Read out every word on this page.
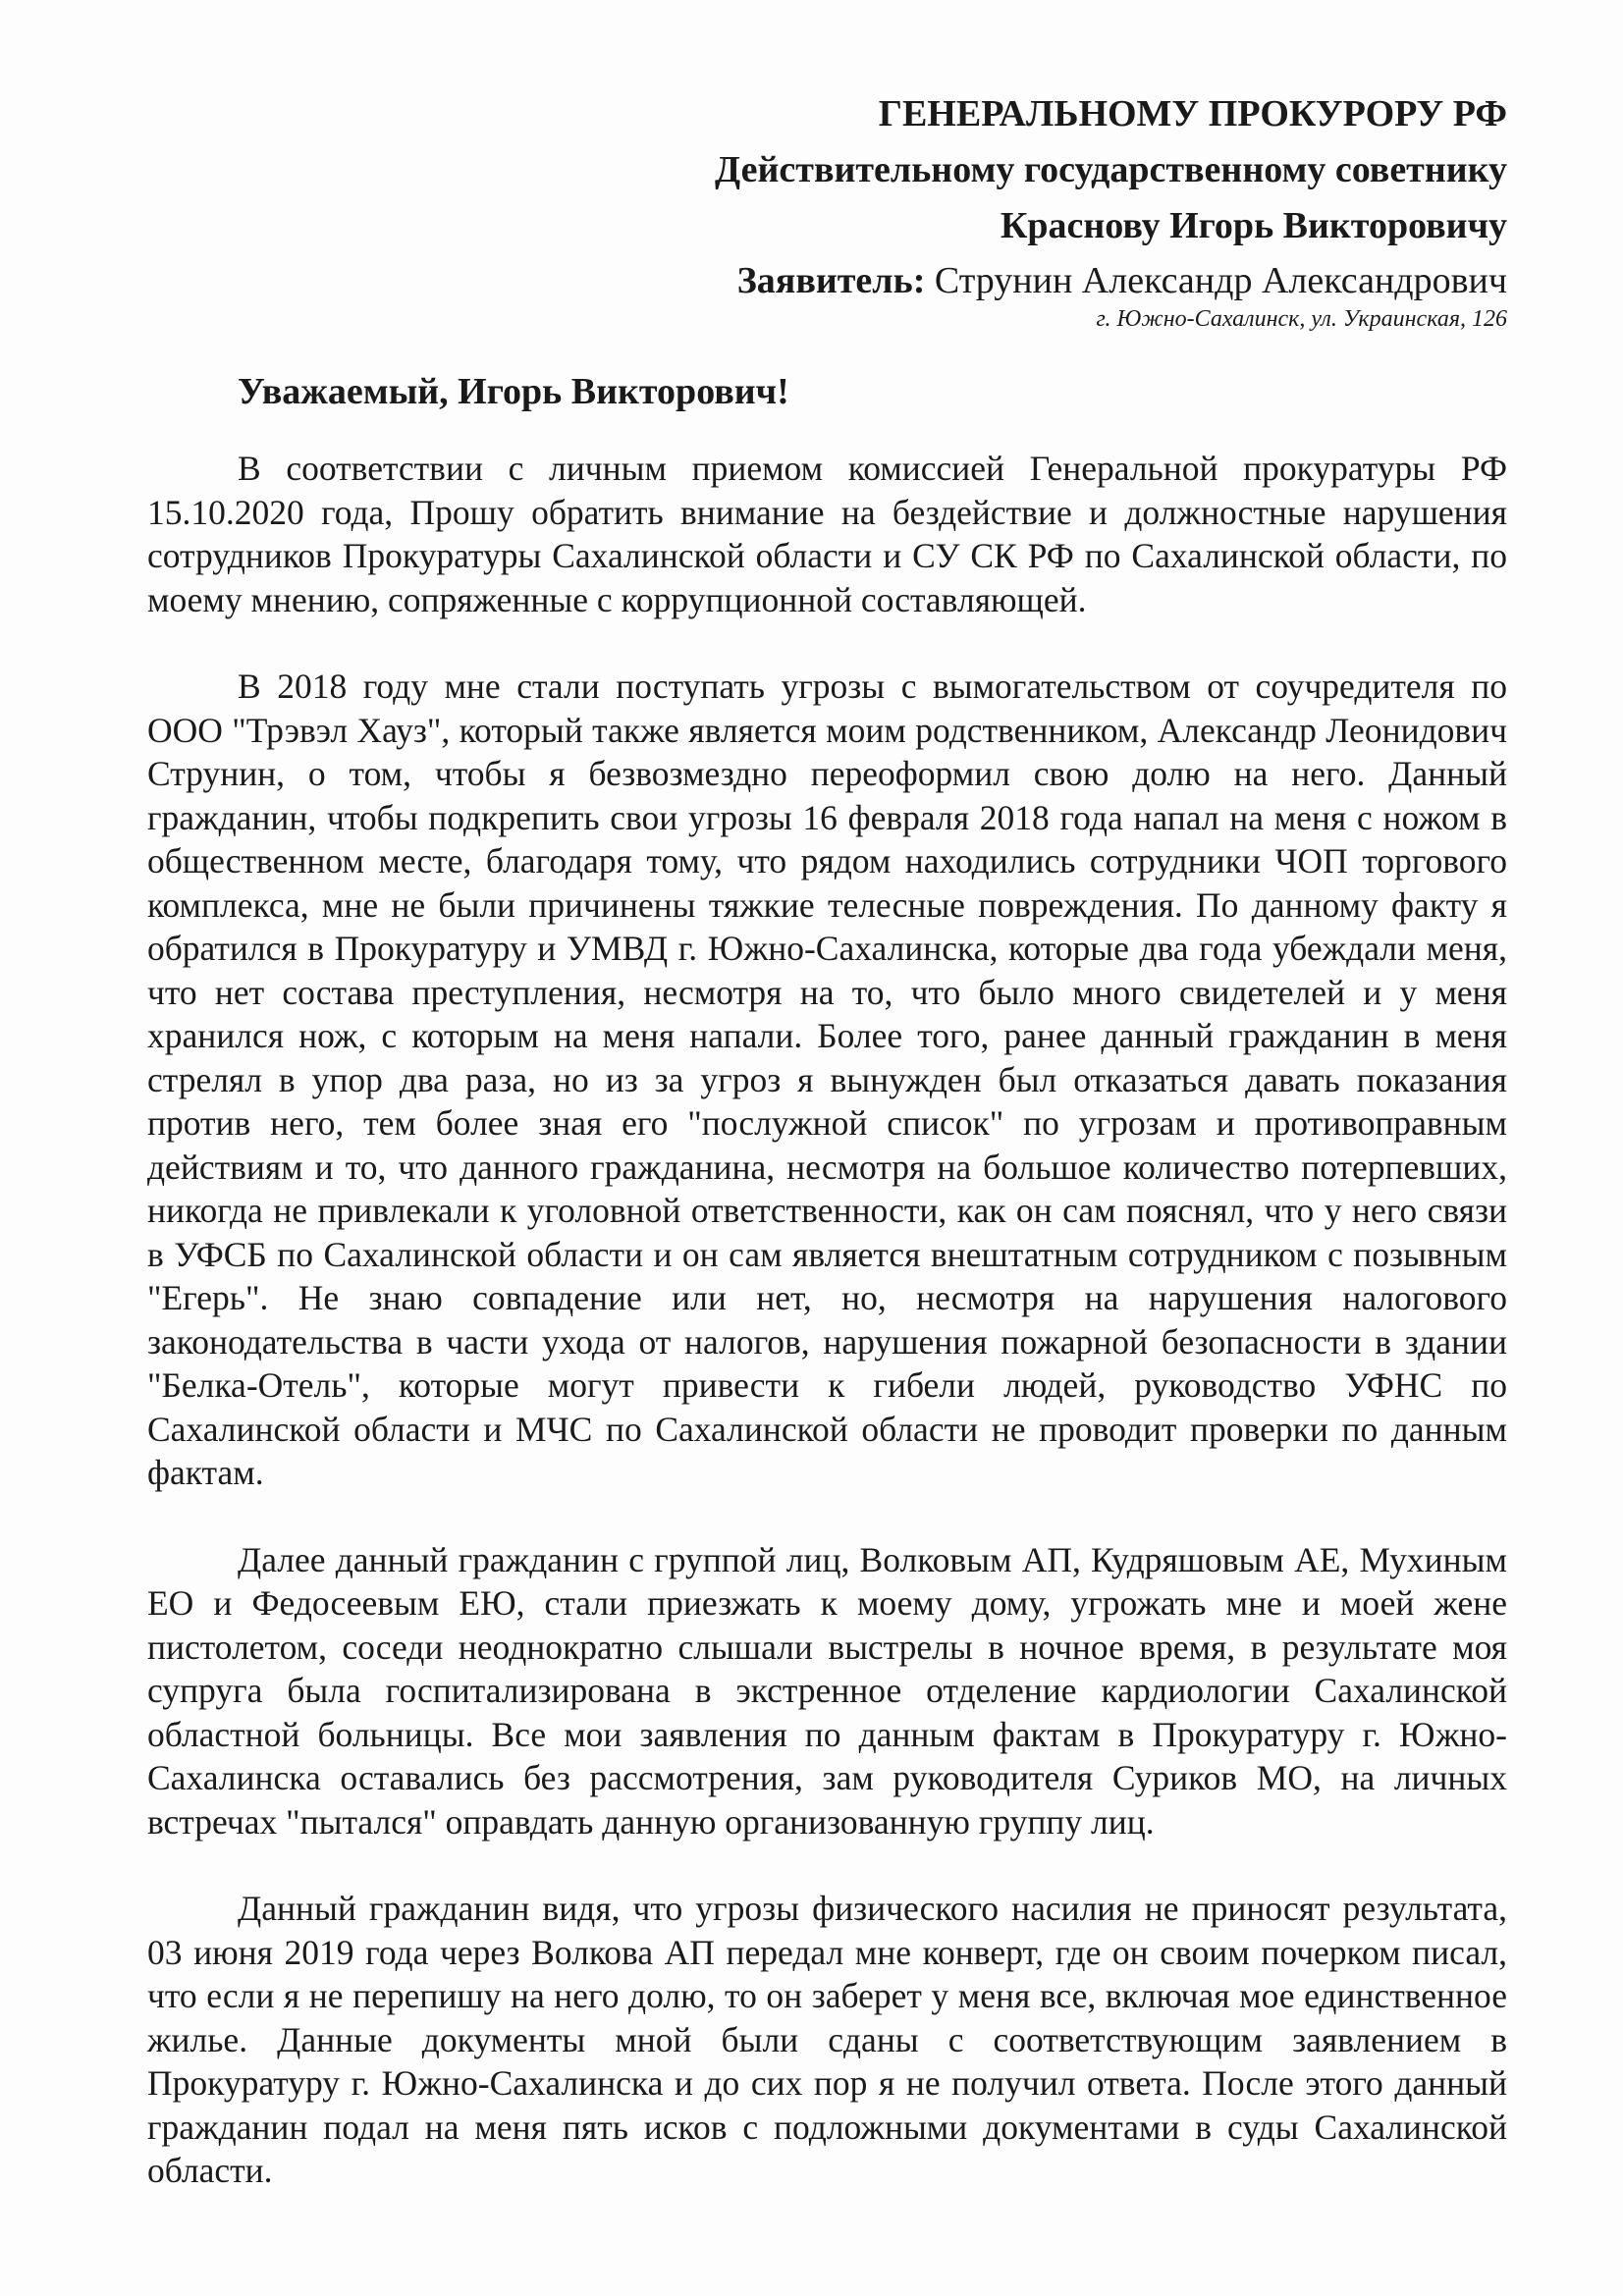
ГЕНЕРАЛЬНОМУ ПРОКУРОРУ РФ

Действительному государственному советнику

Краснову Игорь Викторовичу

Заявитель: Струнин Александр Александрович

г. Южно-Сахалинск, ул. Украинская, 126

Уважаемый, Игорь Викторович!

В соответствии с личным приемом комиссией Генеральной прокуратуры РФ 15.10.2020 года, Прошу обратить внимание на бездействие и должностные нарушения сотрудников Прокуратуры Сахалинской области и СУ СК РФ по Сахалинской области, по моему мнению, сопряженные с коррупционной составляющей.

В 2018 году мне стали поступать угрозы с вымогательством от соучредителя по ООО "Трэвэл Хауз", который также является моим родственником, Александр Леонидович Струнин, о том, чтобы я безвозмездно переоформил свою долю на него. Данный гражданин, чтобы подкрепить свои угрозы 16 февраля 2018 года напал на меня с ножом в общественном месте, благодаря тому, что рядом находились сотрудники ЧОП торгового комплекса, мне не были причинены тяжкие телесные повреждения. По данному факту я обратился в Прокуратуру и УМВД г. Южно-Сахалинска, которые два года убеждали меня, что нет состава преступления, несмотря на то, что было много свидетелей и у меня хранился нож, с которым на меня напали. Более того, ранее данный гражданин в меня стрелял в упор два раза, но из за угроз я вынужден был отказаться давать показания против него, тем более зная его "послужной список" по угрозам и противоправным действиям и то, что данного гражданина, несмотря на большое количество потерпевших, никогда не привлекали к уголовной ответственности, как он сам пояснял, что у него связи в УФСБ по Сахалинской области и он сам является внештатным сотрудником с позывным "Егерь". Не знаю совпадение или нет, но, несмотря на нарушения налогового законодательства в части ухода от налогов, нарушения пожарной безопасности в здании "Белка-Отель", которые могут привести к гибели людей, руководство УФНС по Сахалинской области и МЧС по Сахалинской области не проводит проверки по данным фактам.

Далее данный гражданин с группой лиц, Волковым АП, Кудряшовым АЕ, Мухиным ЕО и Федосеевым ЕЮ, стали приезжать к моему дому, угрожать мне и моей жене пистолетом, соседи неоднократно слышали выстрелы в ночное время, в результате моя супруга была госпитализирована в экстренное отделение кардиологии Сахалинской областной больницы. Все мои заявления по данным фактам в Прокуратуру г. Южно-Сахалинска оставались без рассмотрения, зам руководителя Суриков МО, на личных встречах "пытался" оправдать данную организованную группу лиц.

Данный гражданин видя, что угрозы физического насилия не приносят результата, 03 июня 2019 года через Волкова АП передал мне конверт, где он своим почерком писал, что если я не перепишу на него долю, то он заберет у меня все, включая мое единственное жилье. Данные документы мной были сданы с соответствующим заявлением в Прокуратуру г. Южно-Сахалинска и до сих пор я не получил ответа. После этого данный гражданин подал на меня пять исков с подложными документами в суды Сахалинской области.
